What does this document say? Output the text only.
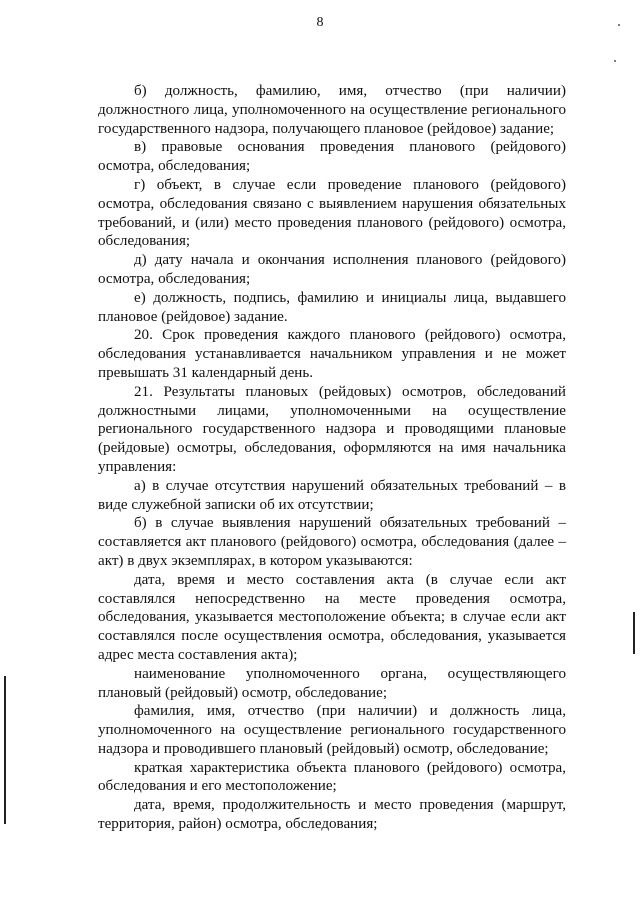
8

б) должность, фамилию, имя, отчество (при наличии) должностного лица, уполномоченного на осуществление регионального государственного надзора, получающего плановое (рейдовое) задание;

в) правовые основания проведения планового (рейдового) осмотра, обследования;

г) объект, в случае если проведение планового (рейдового) осмотра, обследования связано с выявлением нарушения обязательных требований, и (или) место проведения планового (рейдового) осмотра, обследования;

д) дату начала и окончания исполнения планового (рейдового) осмотра, обследования;

е) должность, подпись, фамилию и инициалы лица, выдавшего плановое (рейдовое) задание.

20. Срок проведения каждого планового (рейдового) осмотра, обследования устанавливается начальником управления и не может превышать 31 календарный день.

21. Результаты плановых (рейдовых) осмотров, обследований должностными лицами, уполномоченными на осуществление регионального государственного надзора и проводящими плановые (рейдовые) осмотры, обследования, оформляются на имя начальника управления:

а) в случае отсутствия нарушений обязательных требований – в виде служебной записки об их отсутствии;

б) в случае выявления нарушений обязательных требований – составляется акт планового (рейдового) осмотра, обследования (далее – акт) в двух экземплярах, в котором указываются:

дата, время и место составления акта (в случае если акт составлялся непосредственно на месте проведения осмотра, обследования, указывается местоположение объекта; в случае если акт составлялся после осуществления осмотра, обследования, указывается адрес места составления акта);

наименование уполномоченного органа, осуществляющего плановый (рейдовый) осмотр, обследование;

фамилия, имя, отчество (при наличии) и должность лица, уполномоченного на осуществление регионального государственного надзора и проводившего плановый (рейдовый) осмотр, обследование;

краткая характеристика объекта планового (рейдового) осмотра, обследования и его местоположение;

дата, время, продолжительность и место проведения (маршрут, территория, район) осмотра, обследования;
